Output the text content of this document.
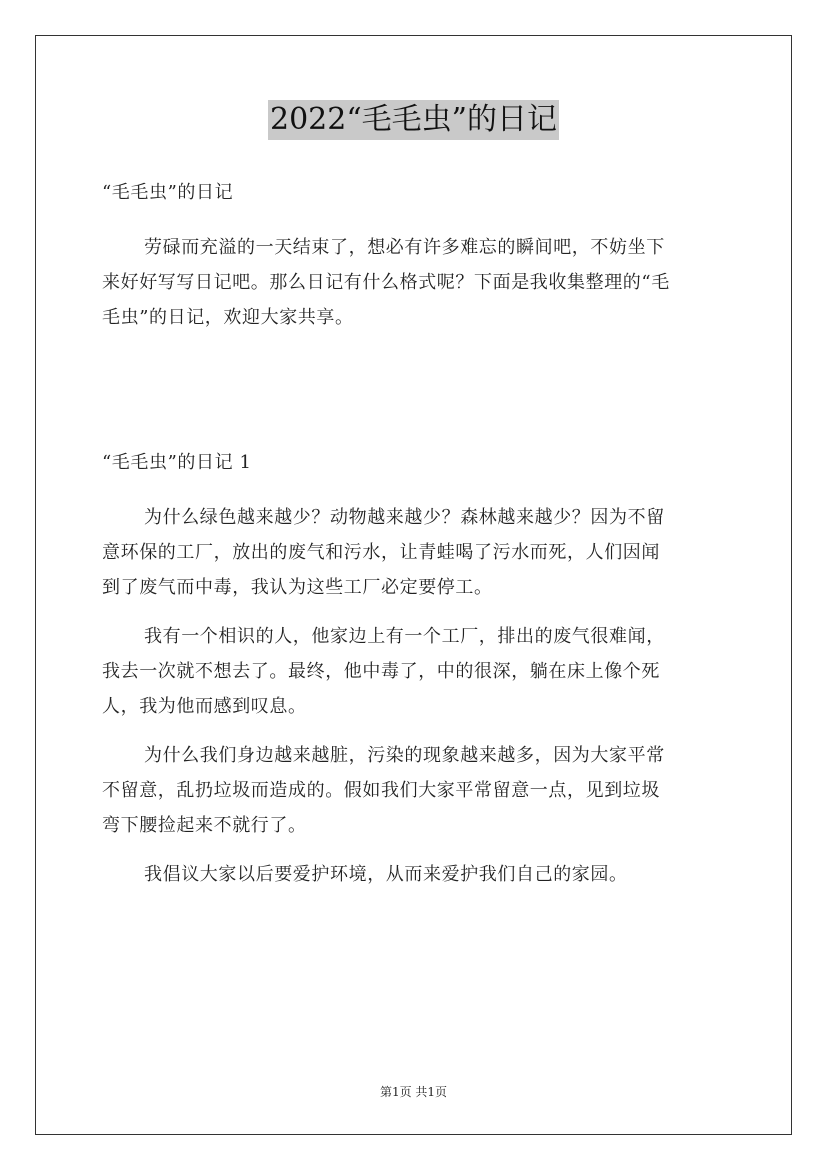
2022“毛毛虫”的日记
“毛毛虫”的日记
劳碌而充溢的一天结束了，想必有许多难忘的瞬间吧，不妨坐下
来好好写写日记吧。那么日记有什么格式呢？下面是我收集整理的“毛
毛虫”的日记，欢迎大家共享。
“毛毛虫”的日记 1
为什么绿色越来越少？动物越来越少？森林越来越少？因为不留
意环保的工厂，放出的废气和污水，让青蛙喝了污水而死，人们因闻
到了废气而中毒，我认为这些工厂必定要停工。
我有一个相识的人，他家边上有一个工厂，排出的废气很难闻，
我去一次就不想去了。最终，他中毒了，中的很深，躺在床上像个死
人，我为他而感到叹息。
为什么我们身边越来越脏，污染的现象越来越多，因为大家平常
不留意，乱扔垃圾而造成的。假如我们大家平常留意一点，见到垃圾
弯下腰捡起来不就行了。
我倡议大家以后要爱护环境，从而来爱护我们自己的家园。
第1页 共1页
